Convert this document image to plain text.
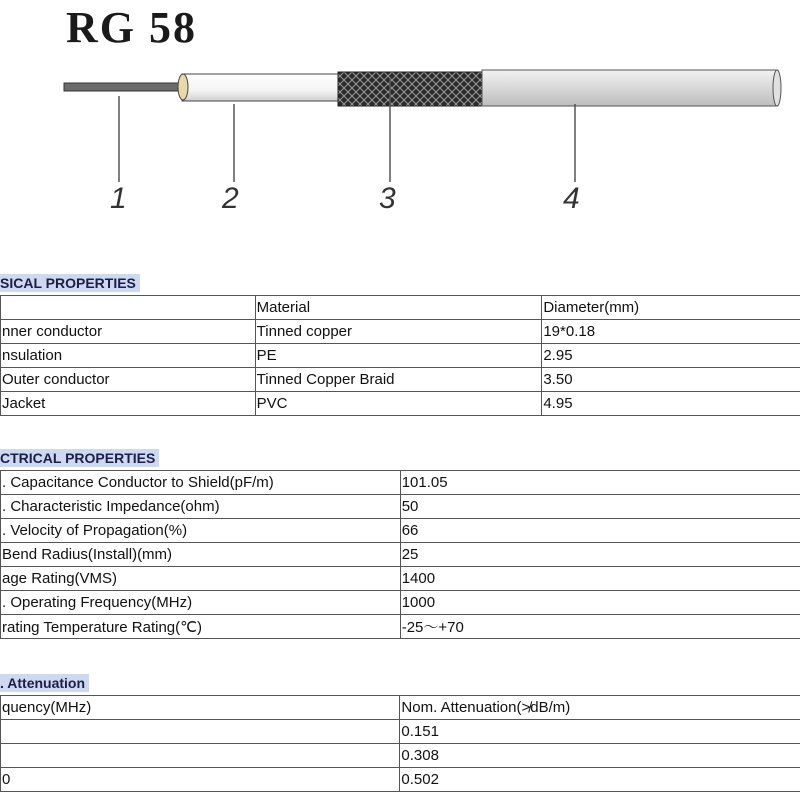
RG 58
1	2	3	4
SICAL PROPERTIES
	Material	Diameter(mm)
nner conductor	Tinned copper	19*0.18
nsulation	PE	2.95
Outer conductor	Tinned Copper Braid	3.50
Jacket	PVC	4.95
CTRICAL PROPERTIES
. Capacitance Conductor to Shield(pF/m)	101.05
. Characteristic Impedance(ohm)	50
. Velocity of Propagation(%)	66
Bend Radius(Install)(mm)	25
age Rating(VMS)	1400
. Operating Frequency(MHz)	1000
rating Temperature Rating(℃)	-25～+70
. Attenuation
quency(MHz)	Nom. Attenuation(≯dB/m)
	0.151
	0.308
0	0.502
